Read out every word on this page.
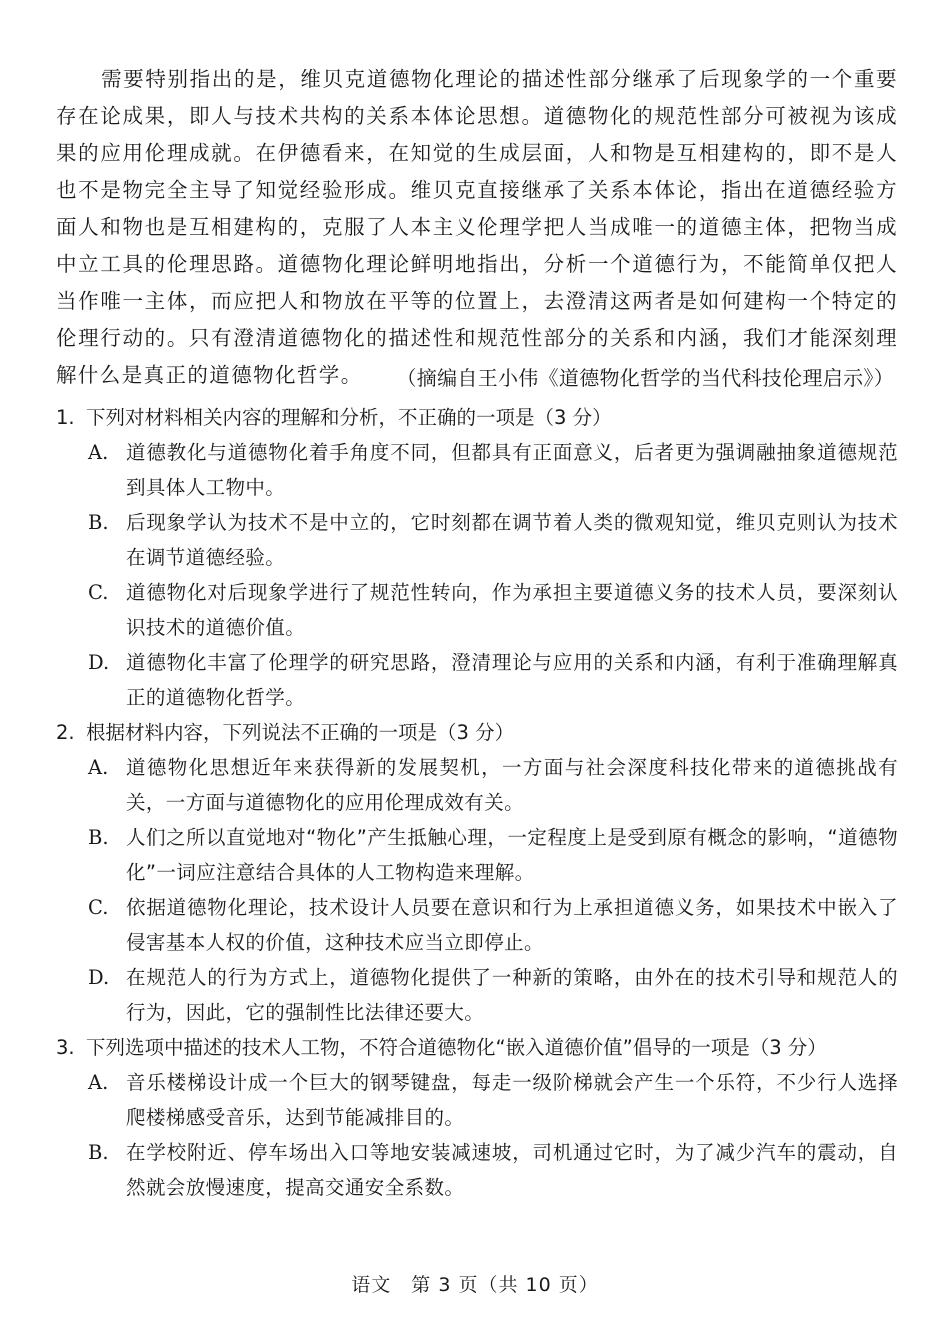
需要特别指出的是，维贝克道德物化理论的描述性部分继承了后现象学的一个重要存在论成果，即人与技术共构的关系本体论思想。道德物化的规范性部分可被视为该成果的应用伦理成就。在伊德看来，在知觉的生成层面，人和物是互相建构的，即不是人也不是物完全主导了知觉经验形成。维贝克直接继承了关系本体论，指出在道德经验方面人和物也是互相建构的，克服了人本主义伦理学把人当成唯一的道德主体，把物当成中立工具的伦理思路。道德物化理论鲜明地指出，分析一个道德行为，不能简单仅把人当作唯一主体，而应把人和物放在平等的位置上，去澄清这两者是如何建构一个特定的伦理行动的。只有澄清道德物化的描述性和规范性部分的关系和内涵，我们才能深刻理解什么是真正的道德物化哲学。	（摘编自王小伟《道德物化哲学的当代科技伦理启示》）
1. 下列对材料相关内容的理解和分析，不正确的一项是（3 分）
A. 道德教化与道德物化着手角度不同，但都具有正面意义，后者更为强调融抽象道德规范到具体人工物中。
B. 后现象学认为技术不是中立的，它时刻都在调节着人类的微观知觉，维贝克则认为技术在调节道德经验。
C. 道德物化对后现象学进行了规范性转向，作为承担主要道德义务的技术人员，要深刻认识技术的道德价值。
D. 道德物化丰富了伦理学的研究思路，澄清理论与应用的关系和内涵，有利于准确理解真正的道德物化哲学。
2. 根据材料内容，下列说法不正确的一项是（3 分）
A. 道德物化思想近年来获得新的发展契机，一方面与社会深度科技化带来的道德挑战有关，一方面与道德物化的应用伦理成效有关。
B. 人们之所以直觉地对“物化”产生抵触心理，一定程度上是受到原有概念的影响，“道德物化”一词应注意结合具体的人工物构造来理解。
C. 依据道德物化理论，技术设计人员要在意识和行为上承担道德义务，如果技术中嵌入了侵害基本人权的价值，这种技术应当立即停止。
D. 在规范人的行为方式上，道德物化提供了一种新的策略，由外在的技术引导和规范人的行为，因此，它的强制性比法律还要大。
3. 下列选项中描述的技术人工物，不符合道德物化“嵌入道德价值”倡导的一项是（3 分）
A. 音乐楼梯设计成一个巨大的钢琴键盘，每走一级阶梯就会产生一个乐符，不少行人选择爬楼梯感受音乐，达到节能减排目的。
B. 在学校附近、停车场出入口等地安装减速坡，司机通过它时，为了减少汽车的震动，自然就会放慢速度，提高交通安全系数。
语文　第 3 页（共 10 页）
